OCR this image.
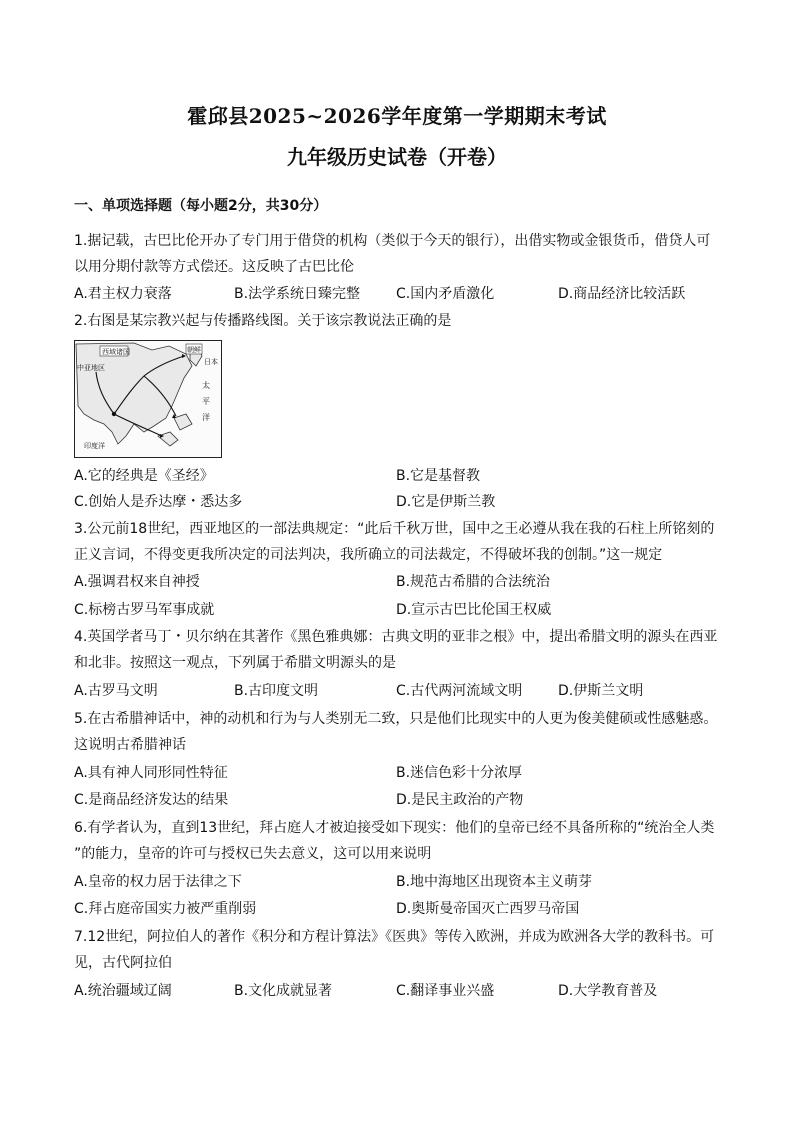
霍邱县2025~2026学年度第一学期期末考试
九年级历史试卷（开卷）
一、单项选择题（每小题2分，共30分）
1.据记载，古巴比伦开办了专门用于借贷的机构（类似于今天的银行），出借实物或金银货币，借贷人可
以用分期付款等方式偿还。这反映了古巴比伦
A.君主权力衰落	B.法学系统日臻完整	C.国内矛盾激化	D.商品经济比较活跃
2.右图是某宗教兴起与传播路线图。关于该宗教说法正确的是
西域诸国
中亚地区
朝鲜
日本
太
平
洋
印度洋
A.它的经典是《圣经》	B.它是基督教
C.创始人是乔达摩・悉达多	D.它是伊斯兰教
3.公元前18世纪，西亚地区的一部法典规定：“此后千秋万世，国中之王必遵从我在我的石柱上所铭刻的
正义言词，不得变更我所决定的司法判决，我所确立的司法裁定，不得破坏我的创制。”这一规定
A.强调君权来自神授	B.规范古希腊的合法统治
C.标榜古罗马军事成就	D.宣示古巴比伦国王权威
4.英国学者马丁・贝尔纳在其著作《黑色雅典娜：古典文明的亚非之根》中，提出希腊文明的源头在西亚
和北非。按照这一观点，下列属于希腊文明源头的是
A.古罗马文明	B.古印度文明	C.古代两河流域文明	D.伊斯兰文明
5.在古希腊神话中，神的动机和行为与人类别无二致，只是他们比现实中的人更为俊美健硕或性感魅惑。
这说明古希腊神话
A.具有神人同形同性特征	B.迷信色彩十分浓厚
C.是商品经济发达的结果	D.是民主政治的产物
6.有学者认为，直到13世纪，拜占庭人才被迫接受如下现实：他们的皇帝已经不具备所称的“统治全人类
”的能力，皇帝的许可与授权已失去意义，这可以用来说明
A.皇帝的权力居于法律之下	B.地中海地区出现资本主义萌芽
C.拜占庭帝国实力被严重削弱	D.奥斯曼帝国灭亡西罗马帝国
7.12世纪，阿拉伯人的著作《积分和方程计算法》《医典》等传入欧洲，并成为欧洲各大学的教科书。可
见，古代阿拉伯
A.统治疆域辽阔	B.文化成就显著	C.翻译事业兴盛	D.大学教育普及
